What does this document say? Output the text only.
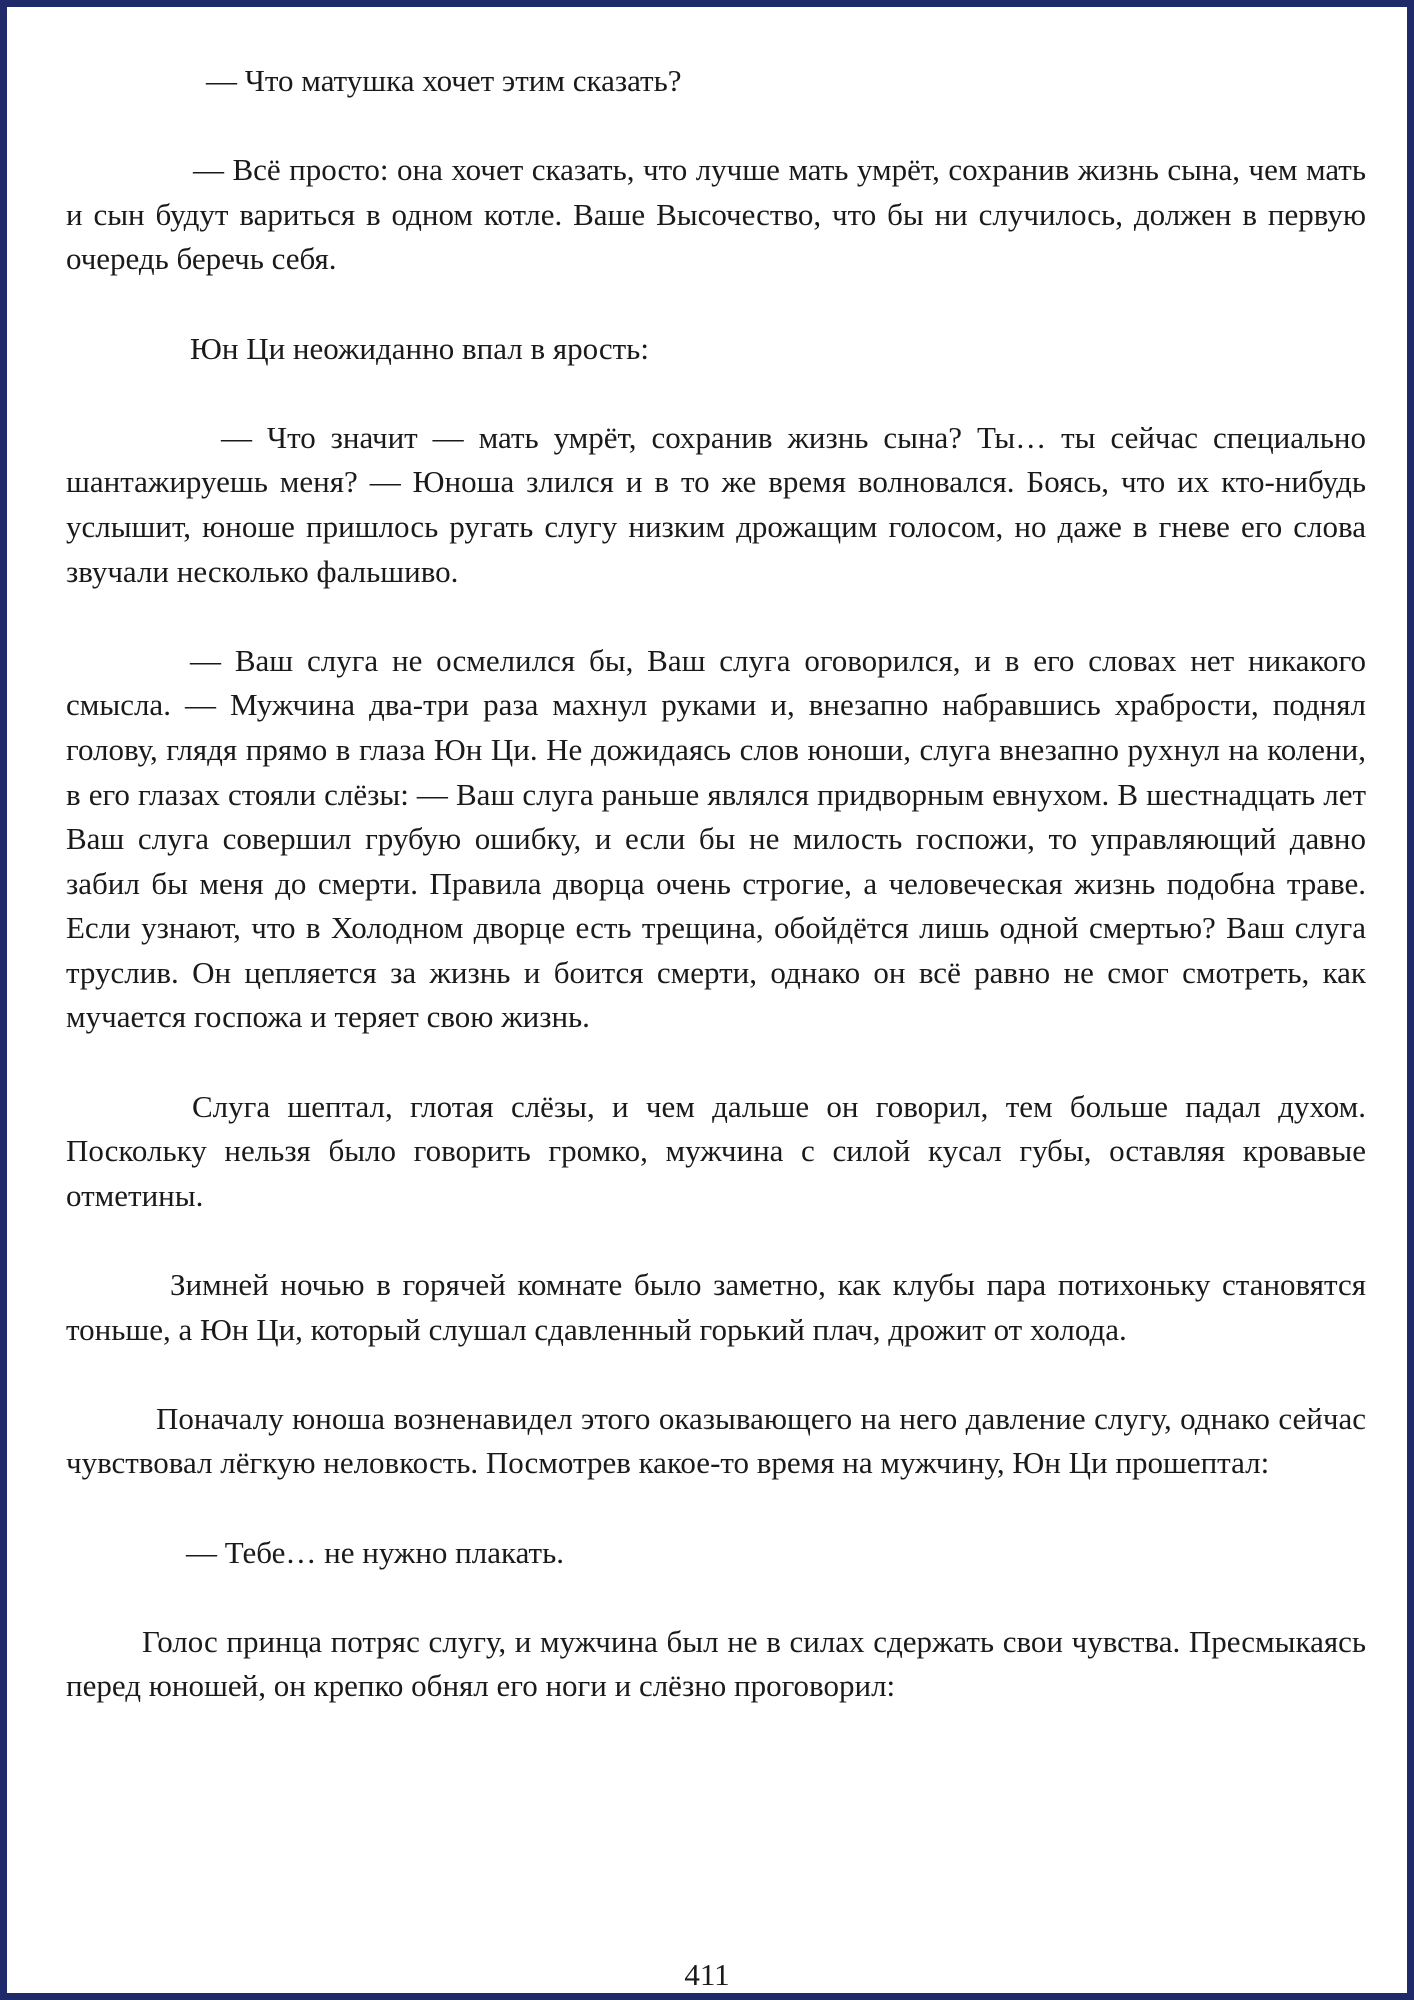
— Что матушка хочет этим сказать?

— Всё просто: она хочет сказать, что лучше мать умрёт, сохранив жизнь сына, чем мать и сын будут вариться в одном котле. Ваше Высочество, что бы ни случилось, должен в первую очередь беречь себя.

Юн Ци неожиданно впал в ярость:

— Что значит — мать умрёт, сохранив жизнь сына? Ты… ты сейчас специально шантажируешь меня? — Юноша злился и в то же время волновался. Боясь, что их кто-нибудь услышит, юноше пришлось ругать слугу низким дрожащим голосом, но даже в гневе его слова звучали несколько фальшиво.

— Ваш слуга не осмелился бы, Ваш слуга оговорился, и в его словах нет никакого смысла. — Мужчина два-три раза махнул руками и, внезапно набравшись храбрости, поднял голову, глядя прямо в глаза Юн Ци. Не дожидаясь слов юноши, слуга внезапно рухнул на колени, в его глазах стояли слёзы: — Ваш слуга раньше являлся придворным евнухом. В шестнадцать лет Ваш слуга совершил грубую ошибку, и если бы не милость госпожи, то управляющий давно забил бы меня до смерти. Правила дворца очень строгие, а человеческая жизнь подобна траве. Если узнают, что в Холодном дворце есть трещина, обойдётся лишь одной смертью? Ваш слуга труслив. Он цепляется за жизнь и боится смерти, однако он всё равно не смог смотреть, как мучается госпожа и теряет свою жизнь.

Слуга шептал, глотая слёзы, и чем дальше он говорил, тем больше падал духом. Поскольку нельзя было говорить громко, мужчина с силой кусал губы, оставляя кровавые отметины.

Зимней ночью в горячей комнате было заметно, как клубы пара потихоньку становятся тоньше, а Юн Ци, который слушал сдавленный горький плач, дрожит от холода.

Поначалу юноша возненавидел этого оказывающего на него давление слугу, однако сейчас чувствовал лёгкую неловкость. Посмотрев какое-то время на мужчину, Юн Ци прошептал:

— Тебе… не нужно плакать.

Голос принца потряс слугу, и мужчина был не в силах сдержать свои чувства. Пресмыкаясь перед юношей, он крепко обнял его ноги и слёзно проговорил:

411
